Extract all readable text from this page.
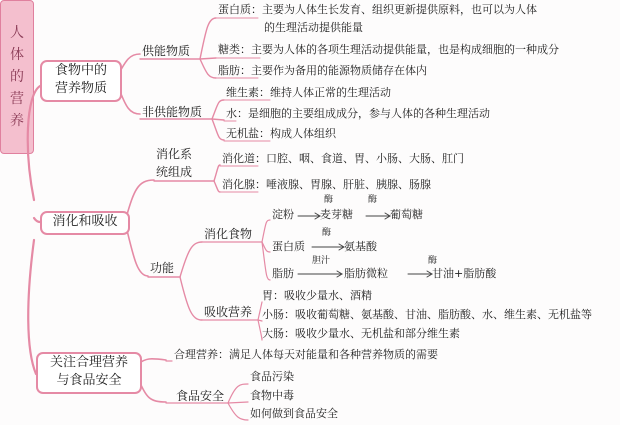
人
体
的
营
养
食物中的
营养物质
消化和吸收
关注合理营养
与食品安全
供能物质
蛋白质：主要为人体生长发育、组织更新提供原料，也可以为人体
的生理活动提供能量
糖类：主要为人体的各项生理活动提供能量，也是构成细胞的一种成分
脂肪：主要作为备用的能源物质储存在体内
非供能物质
维生素：维持人体正常的生理活动
水：是细胞的主要组成成分，参与人体的各种生理活动
无机盐：构成人体组织
消化系
统组成
消化道：口腔、咽、食道、胃、小肠、大肠、肛门
消化腺：唾液腺、胃腺、肝脏、胰腺、肠腺
功能
消化食物
酶	酶
淀粉 麦芽糖	葡萄糖
酶
蛋白质	氨基酸
胆汁	酶
脂肪	脂肪微粒	甘油+脂肪酸
吸收营养
胃：吸收少量水、酒精
小肠：吸收葡萄糖、氨基酸、甘油、脂肪酸、水、维生素、无机盐等
大肠：吸收少量水、无机盐和部分维生素
合理营养：满足人体每天对能量和各种营养物质的需要
食品安全
食品污染
食物中毒
如何做到食品安全
